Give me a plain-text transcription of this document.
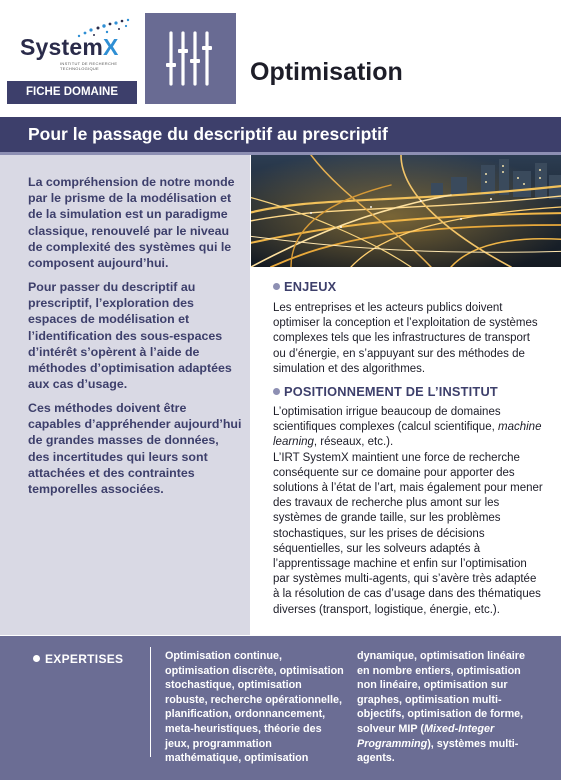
SystemX
INSTITUT DE RECHERCHE
TECHNOLOGIQUE
FICHE DOMAINE
Optimisation
Pour le passage du descriptif au prescriptif

La compréhension de notre monde par le prisme de la modélisation et de la simulation est un paradigme classique, renouvelé par le niveau de complexité des systèmes qui le composent aujourd’hui.

Pour passer du descriptif au prescriptif, l’exploration des espaces de modélisation et l’identification des sous-espaces d’intérêt s’opèrent à l’aide de méthodes d’optimisation adaptées aux cas d’usage.

Ces méthodes doivent être capables d’appréhender aujourd’hui de grandes masses de données, des incertitudes qui leurs sont attachées et des contraintes temporelles associées.

ENJEUX

Les entreprises et les acteurs publics doivent optimiser la conception et l’exploitation de systèmes complexes tels que les infrastructures de transport ou d’énergie, en s’appuyant sur des méthodes de simulation et des algorithmes.

POSITIONNEMENT DE L’INSTITUT

L’optimisation irrigue beaucoup de domaines scientifiques complexes (calcul scientifique, machine learning, réseaux, etc.).
L’IRT SystemX maintient une force de recherche conséquente sur ce domaine pour apporter des solutions à l’état de l’art, mais également pour mener des travaux de recherche plus amont sur les systèmes de grande taille, sur les problèmes stochastiques, sur les prises de décisions séquentielles, sur les solveurs adaptés à l’apprentissage machine et enfin sur l’optimisation par systèmes multi-agents, qui s’avère très adaptée à la résolution de cas d’usage dans des thématiques diverses (transport, logistique, énergie, etc.).

EXPERTISES	Optimisation continue, optimisation discrète, optimisation stochastique, optimisation robuste, recherche opérationnelle, planification, ordonnancement, meta-heuristiques, théorie des jeux, programmation mathématique, optimisation

dynamique, optimisation linéaire en nombre entiers, optimisation non linéaire, optimisation sur graphes, optimisation multi-objectifs, optimisation de forme, solveur MIP (Mixed-Integer Programming), systèmes multi-agents.
